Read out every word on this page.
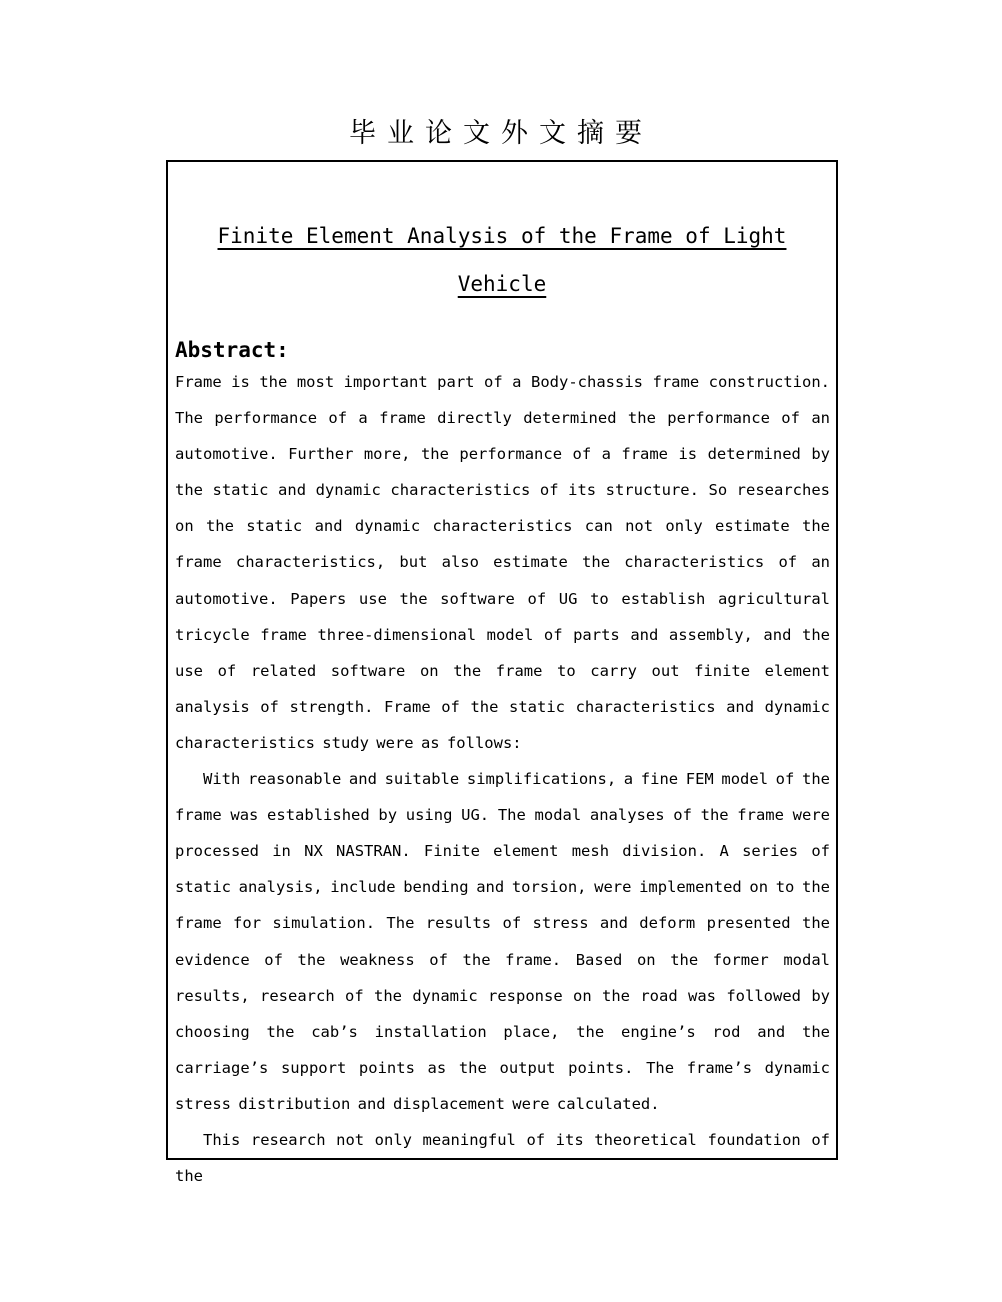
毕业论文外文摘要
Finite Element Analysis of the Frame of Light
Vehicle
Abstract:

Frame is the most important part of a Body-chassis frame construction. The performance of a frame directly determined the performance of an automotive. Further more, the performance of a frame is determined by the static and dynamic characteristics of its structure. So researches on the static and dynamic characteristics can not only estimate the frame characteristics, but also estimate the characteristics of an automotive. Papers use the software of UG to establish agricultural tricycle frame three-dimensional model of parts and assembly, and the use of related software on the frame to carry out finite element analysis of strength. Frame of the static characteristics and dynamic characteristics study were as follows:

With reasonable and suitable simplifications, a fine FEM model of the frame was established by using UG. The modal analyses of the frame were processed in NX NASTRAN. Finite element mesh division. A series of static analysis, include bending and torsion, were implemented on to the frame for simulation. The results of stress and deform presented the evidence of the weakness of the frame. Based on the former modal results, research of the dynamic response on the road was followed by choosing the cab’s installation place, the engine’s rod and the carriage’s support points as the output points. The frame’s dynamic stress distribution and displacement were calculated.

This research not only meaningful of its theoretical foundation of the
